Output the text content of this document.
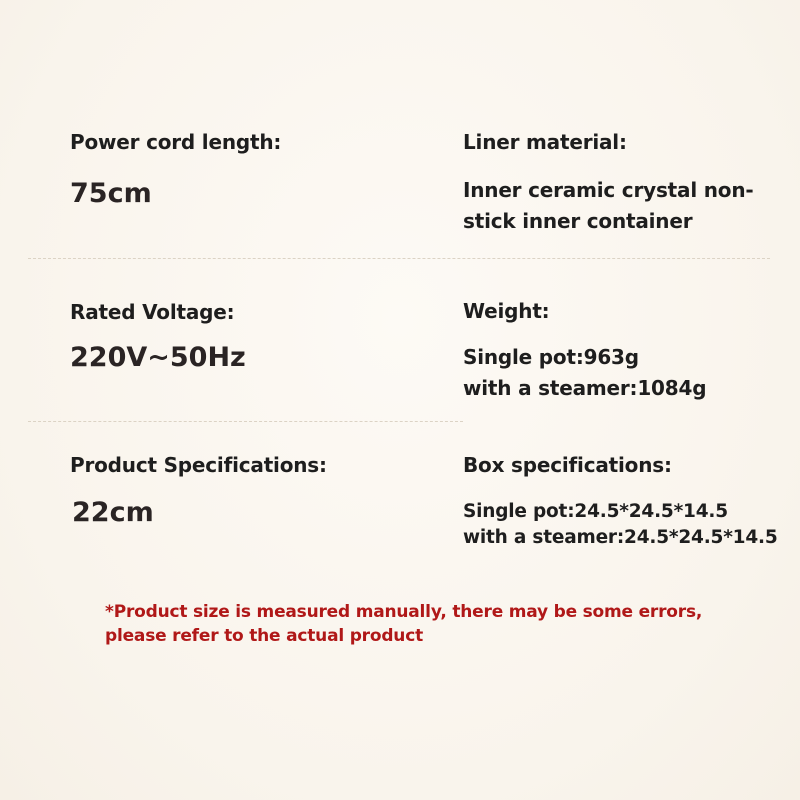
Power cord length:
75cm
Liner material:
Inner ceramic crystal non-
stick inner container
Rated Voltage:
220V~50Hz
Weight:
Single pot:963g
with a steamer:1084g
Product Specifications:
22cm
Box specifications:
Single pot:24.5*24.5*14.5
with a steamer:24.5*24.5*14.5
*Product size is measured manually, there may be some errors,
please refer to the actual product
